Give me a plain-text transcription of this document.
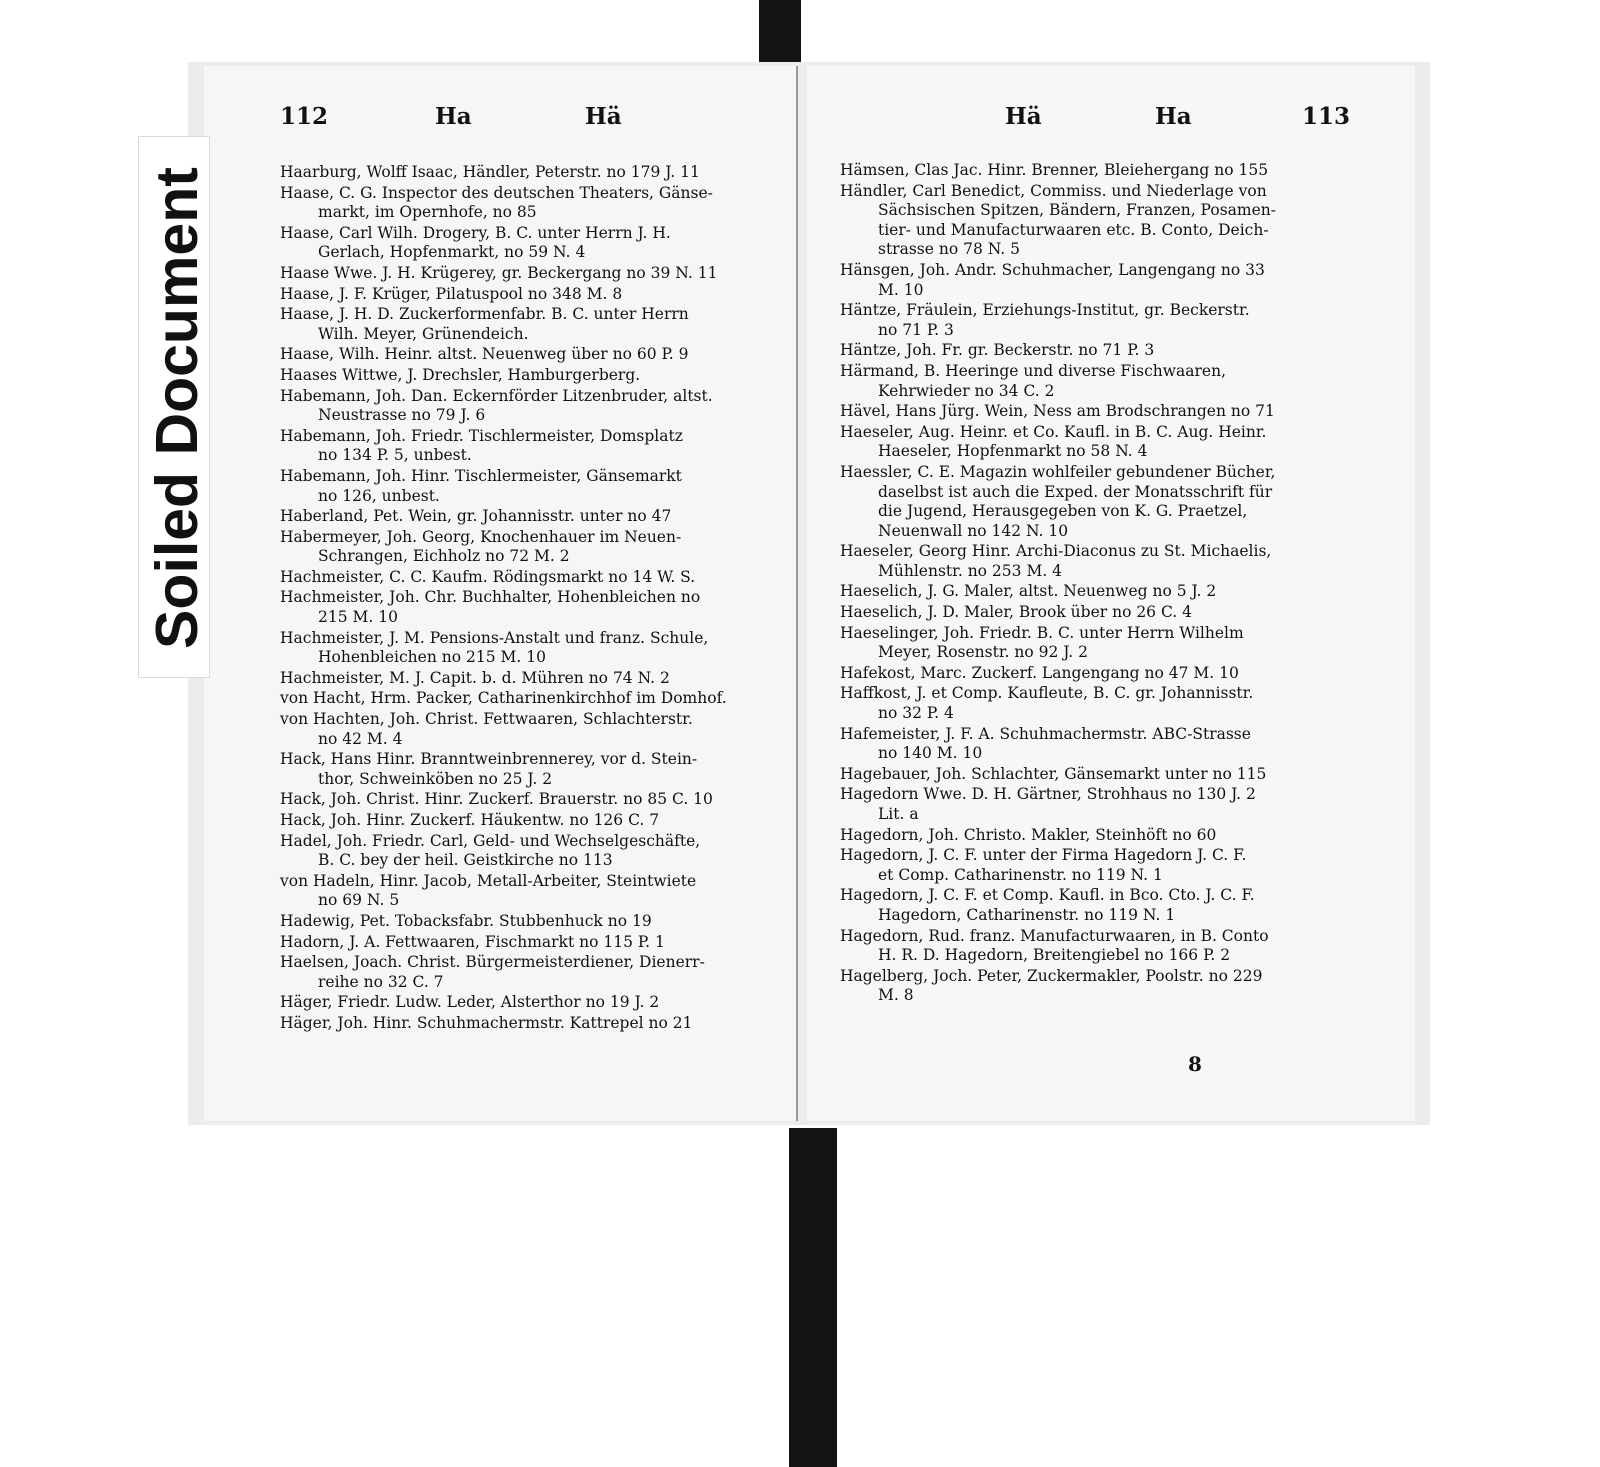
Soiled Document
112	Ha	Hä	Hä	Ha	113
Haarburg, Wolff Isaac, Händler, Peterstr. no 179 J. 11
Haase, C. G. Inspector des deutschen Theaters, Gänse-
markt, im Opernhofe, no 85
Haase, Carl Wilh. Drogery, B. C. unter Herrn J. H.
Gerlach, Hopfenmarkt, no 59 N. 4
Haase Wwe. J. H. Krügerey, gr. Beckergang no 39 N. 11
Haase, J. F. Krüger, Pilatuspool no 348 M. 8
Haase, J. H. D. Zuckerformenfabr. B. C. unter Herrn
Wilh. Meyer, Grünendeich.
Haase, Wilh. Heinr. altst. Neuenweg über no 60 P. 9
Haases Wittwe, J. Drechsler, Hamburgerberg.
Habemann, Joh. Dan. Eckernförder Litzenbruder, altst.
Neustrasse no 79 J. 6
Habemann, Joh. Friedr. Tischlermeister, Domsplatz
no 134 P. 5, unbest.
Habemann, Joh. Hinr. Tischlermeister, Gänsemarkt
no 126, unbest.
Haberland, Pet. Wein, gr. Johannisstr. unter no 47
Habermeyer, Joh. Georg, Knochenhauer im Neuen-
Schrangen, Eichholz no 72 M. 2
Hachmeister, C. C. Kaufm. Rödingsmarkt no 14 W. S.
Hachmeister, Joh. Chr. Buchhalter, Hohenbleichen no
215 M. 10
Hachmeister, J. M. Pensions-Anstalt und franz. Schule,
Hohenbleichen no 215 M. 10
Hachmeister, M. J. Capit. b. d. Mühren no 74 N. 2
von Hacht, Hrm. Packer, Catharinenkirchhof im Domhof.
von Hachten, Joh. Christ. Fettwaaren, Schlachterstr.
no 42 M. 4
Hack, Hans Hinr. Branntweinbrennerey, vor d. Stein-
thor, Schweinköben no 25 J. 2
Hack, Joh. Christ. Hinr. Zuckerf. Brauerstr. no 85 C. 10
Hack, Joh. Hinr. Zuckerf. Häukentw. no 126 C. 7
Hadel, Joh. Friedr. Carl, Geld- und Wechselgeschäfte,
B. C. bey der heil. Geistkirche no 113
von Hadeln, Hinr. Jacob, Metall-Arbeiter, Steintwiete
no 69 N. 5
Hadewig, Pet. Tobacksfabr. Stubbenhuck no 19
Hadorn, J. A. Fettwaaren, Fischmarkt no 115 P. 1
Haelsen, Joach. Christ. Bürgermeisterdiener, Dienerr-
reihe no 32 C. 7
Häger, Friedr. Ludw. Leder, Alsterthor no 19 J. 2
Häger, Joh. Hinr. Schuhmachermstr. Kattrepel no 21
Hämsen, Clas Jac. Hinr. Brenner, Bleiehergang no 155
Händler, Carl Benedict, Commiss. und Niederlage von
Sächsischen Spitzen, Bändern, Franzen, Posamen-
tier- und Manufacturwaaren etc. B. Conto, Deich-
strasse no 78 N. 5
Hänsgen, Joh. Andr. Schuhmacher, Langengang no 33
M. 10
Häntze, Fräulein, Erziehungs-Institut, gr. Beckerstr.
no 71 P. 3
Häntze, Joh. Fr. gr. Beckerstr. no 71 P. 3
Härmand, B. Heeringe und diverse Fischwaaren,
Kehrwieder no 34 C. 2
Hävel, Hans Jürg. Wein, Ness am Brodschrangen no 71
Haeseler, Aug. Heinr. et Co. Kaufl. in B. C. Aug. Heinr.
Haeseler, Hopfenmarkt no 58 N. 4
Haessler, C. E. Magazin wohlfeiler gebundener Bücher,
daselbst ist auch die Exped. der Monatsschrift für
die Jugend, Herausgegeben von K. G. Praetzel,
Neuenwall no 142 N. 10
Haeseler, Georg Hinr. Archi-Diaconus zu St. Michaelis,
Mühlenstr. no 253 M. 4
Haeselich, J. G. Maler, altst. Neuenweg no 5 J. 2
Haeselich, J. D. Maler, Brook über no 26 C. 4
Haeselinger, Joh. Friedr. B. C. unter Herrn Wilhelm
Meyer, Rosenstr. no 92 J. 2
Hafekost, Marc. Zuckerf. Langengang no 47 M. 10
Haffkost, J. et Comp. Kaufleute, B. C. gr. Johannisstr.
no 32 P. 4
Hafemeister, J. F. A. Schuhmachermstr. ABC-Strasse
no 140 M. 10
Hagebauer, Joh. Schlachter, Gänsemarkt unter no 115
Hagedorn Wwe. D. H. Gärtner, Strohhaus no 130 J. 2
Lit. a
Hagedorn, Joh. Christo. Makler, Steinhöft no 60
Hagedorn, J. C. F. unter der Firma Hagedorn J. C. F.
et Comp. Catharinenstr. no 119 N. 1
Hagedorn, J. C. F. et Comp. Kaufl. in Bco. Cto. J. C. F.
Hagedorn, Catharinenstr. no 119 N. 1
Hagedorn, Rud. franz. Manufacturwaaren, in B. Conto
H. R. D. Hagedorn, Breitengiebel no 166 P. 2
Hagelberg, Joch. Peter, Zuckermakler, Poolstr. no 229
M. 8
8
